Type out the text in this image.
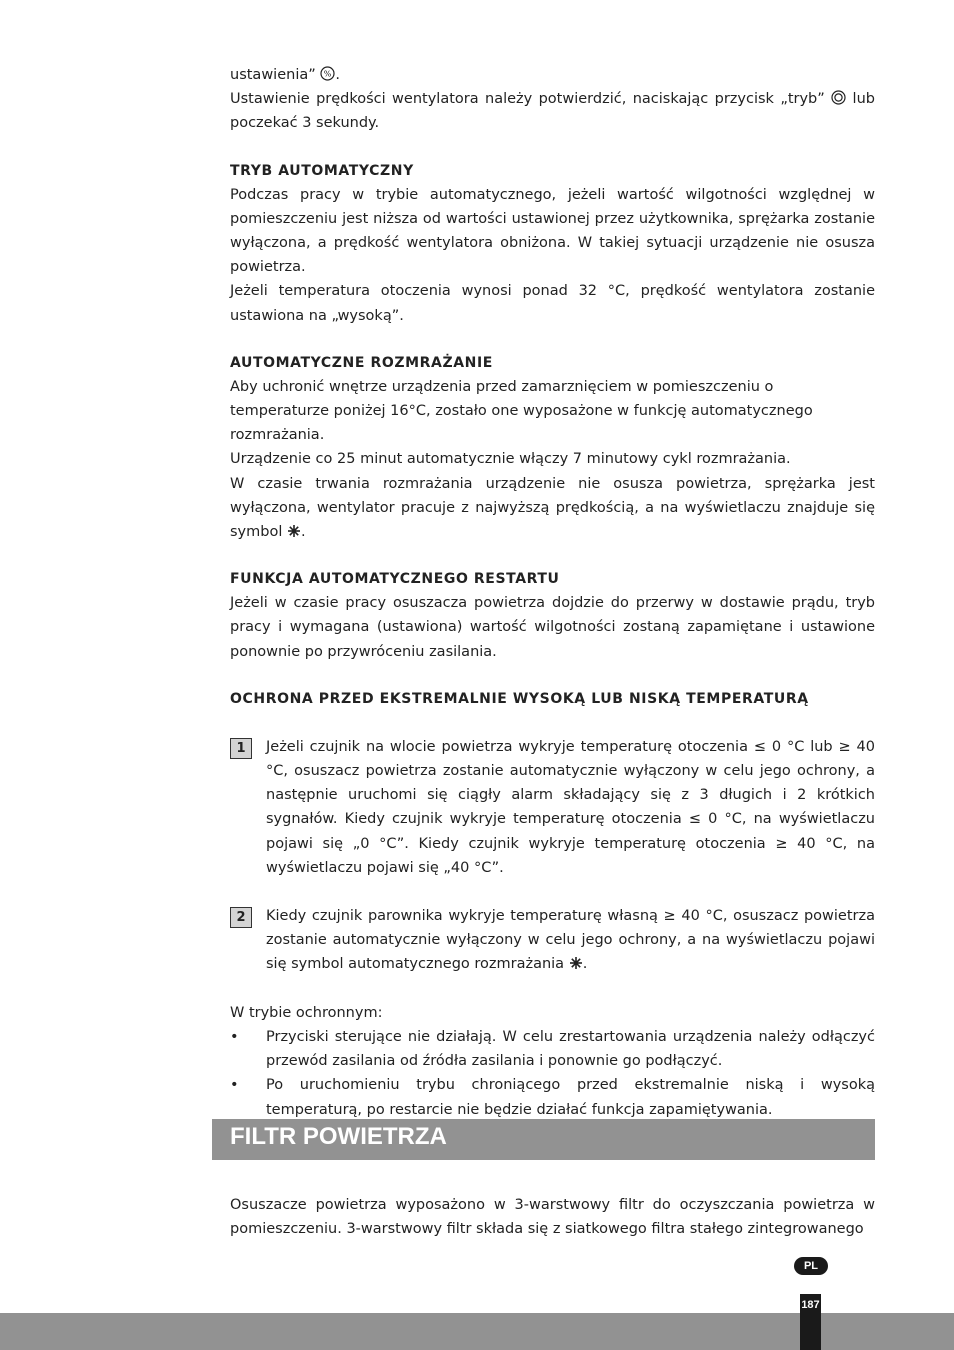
ustawienia” % .

Ustawienie prędkości wentylatora należy potwierdzić, naciskając przycisk „tryb”  lub poczekać 3 sekundy.

TRYB AUTOMATYCZNY

Podczas pracy w trybie automatycznego, jeżeli wartość wilgotności względnej w pomieszczeniu jest niższa od wartości ustawionej przez użytkownika, sprężarka zostanie wyłączona, a prędkość wentylatora obniżona. W takiej sytuacji urządzenie nie osusza powietrza.

Jeżeli temperatura otoczenia wynosi ponad 32 °C, prędkość wentylatora zostanie ustawiona na „wysoką”.

AUTOMATYCZNE ROZMRAŻANIE

Aby uchronić wnętrze urządzenia przed zamarznięciem w pomieszczeniu o temperaturze poniżej 16°C, zostało one wyposażone w funkcję automatycznego rozmrażania.

Urządzenie co 25 minut automatycznie włączy 7 minutowy cykl rozmrażania.

W czasie trwania rozmrażania urządzenie nie osusza powietrza, sprężarka jest wyłączona, wentylator pracuje z najwyższą prędkością, a na wyświetlaczu znajduje się symbol .

FUNKCJA AUTOMATYCZNEGO RESTARTU

Jeżeli w czasie pracy osuszacza powietrza dojdzie do przerwy w dostawie prądu, tryb pracy i wymagana (ustawiona) wartość wilgotności zostaną zapamiętane i ustawione ponownie po przywróceniu zasilania.

OCHRONA PRZED EKSTREMALNIE WYSOKĄ LUB NISKĄ TEMPERATURĄ
1	Jeżeli czujnik na wlocie powietrza wykryje temperaturę otoczenia ≤ 0 °C lub ≥ 40 °C, osuszacz powietrza zostanie automatycznie wyłączony w celu jego ochrony, a następnie uruchomi się ciągły alarm składający się z 3 długich i 2 krótkich sygnałów. Kiedy czujnik wykryje temperaturę otoczenia ≤ 0 °C, na wyświetlaczu pojawi się „0 °C”. Kiedy czujnik wykryje temperaturę otoczenia ≥ 40 °C, na wyświetlaczu pojawi się „40 °C”.

2	Kiedy czujnik parownika wykryje temperaturę własną ≥ 40 °C, osuszacz powietrza zostanie automatycznie wyłączony w celu jego ochrony, a na wyświetlaczu pojawi się symbol automatycznego rozmrażania .

W trybie ochronnym:

•	Przyciski sterujące nie działają. W celu zrestartowania urządzenia należy odłączyć przewód zasilania od źródła zasilania i ponownie go podłączyć.

•	Po uruchomieniu trybu chroniącego przed ekstremalnie niską i wysoką temperaturą, po restarcie nie będzie działać funkcja zapamiętywania.

FILTR POWIETRZA

Osuszacze powietrza wyposażono w 3-warstwowy filtr do oczyszczania powietrza w pomieszczeniu. 3-warstwowy filtr składa się z siatkowego filtra stałego zintegrowanego

PL
187
